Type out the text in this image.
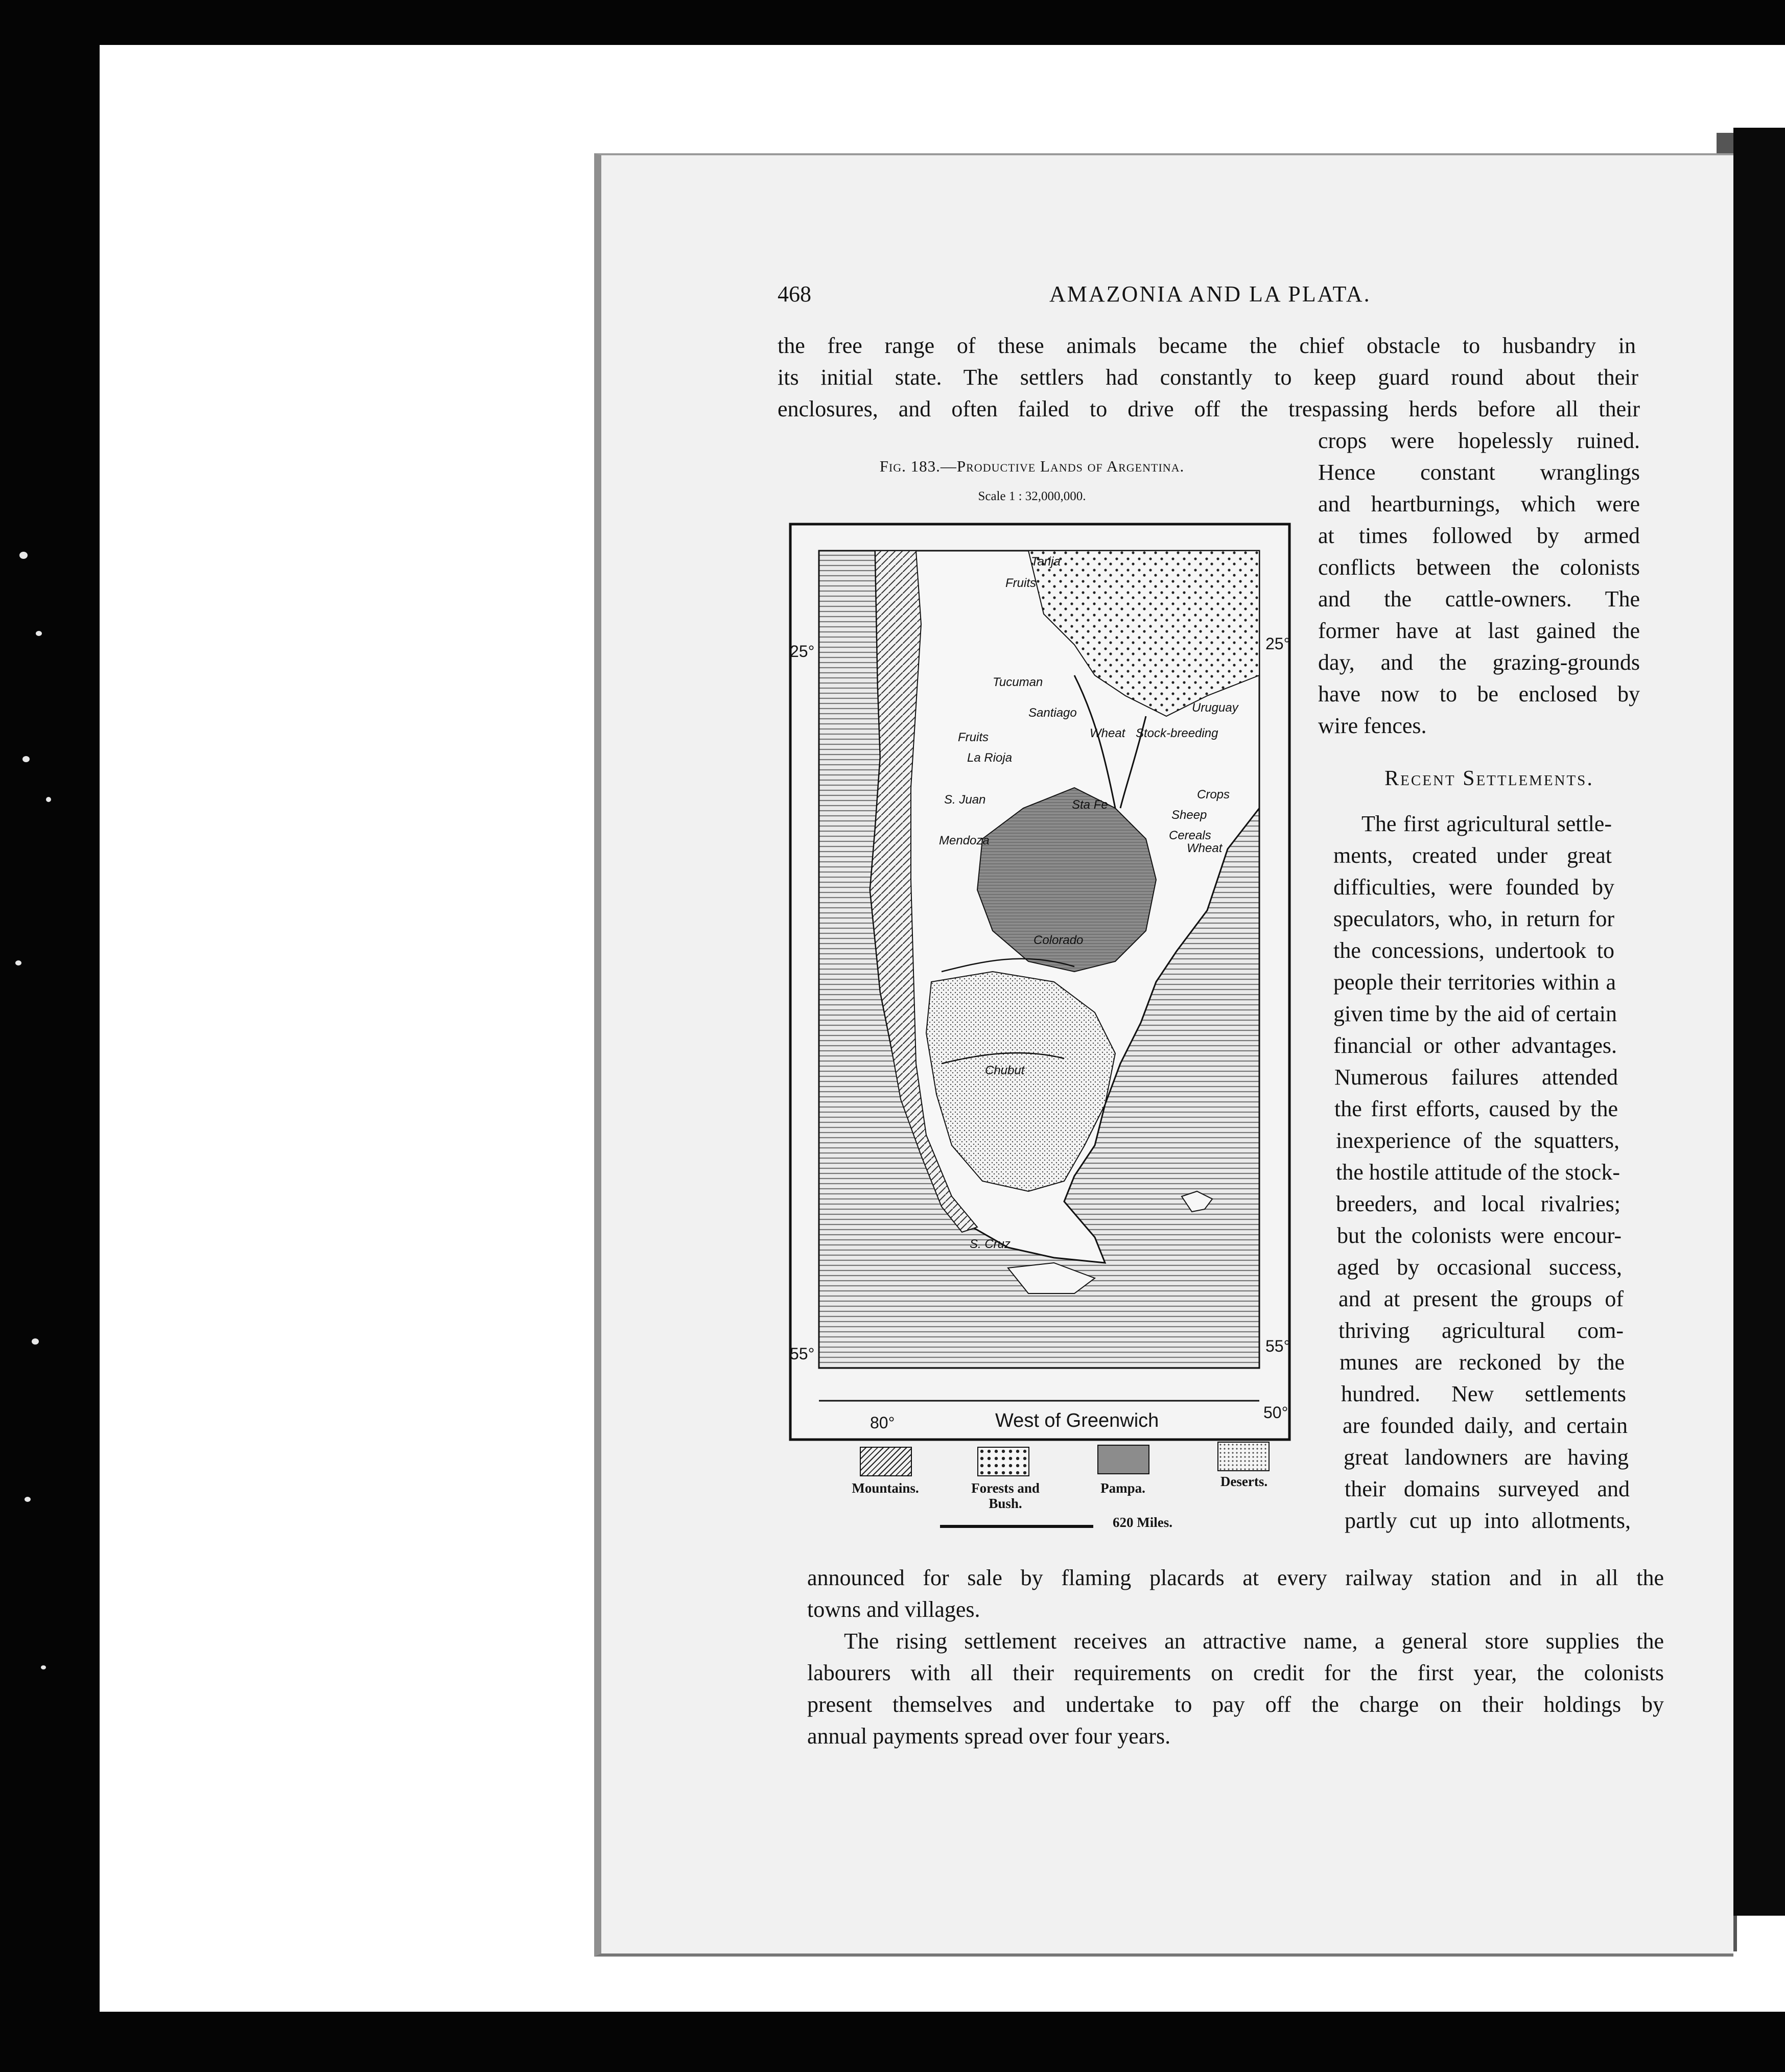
468	AMAZONIA AND LA PLATA.
the free range of these animals became the chief obstacle to husbandry in
its initial state. The settlers had constantly to keep guard round about their
enclosures, and often failed to drive off the trespassing herds before all their
crops were hopelessly ruined.
Hence constant wranglings
and heartburnings, which were
at times followed by armed
conflicts between the colonists
and the cattle-owners. The
former have at last gained the
day, and the grazing-grounds
have now to be enclosed by
wire fences.
Recent Settlements.
The first agricultural settle-
ments, created under great
difficulties, were founded by
speculators, who, in return for
the concessions, undertook to
people their territories within a
given time by the aid of certain
financial or other advantages.
Numerous failures attended
the first efforts, caused by the
inexperience of the squatters,
the hostile attitude of the stock-
breeders, and local rivalries;
but the colonists were encour-
aged by occasional success,
and at present the groups of
thriving agricultural com-
munes are reckoned by the
hundred. New settlements
are founded daily, and certain
great landowners are having
their domains surveyed and
partly cut up into allotments,
announced for sale by flaming placards at every railway station and in all the
towns and villages.
The rising settlement receives an attractive name, a general store supplies the
labourers with all their requirements on credit for the first year, the colonists
present themselves and undertake to pay off the charge on their holdings by
annual payments spread over four years.
Fig. 183.—Productive Lands of Argentina.
Scale 1 : 32,000,000.
25°	25°
55°	55°
80°
50°
West of Greenwich
Tarija
Fruits
Tucuman
Santiago
Fruits
La Rioja
S. Juan
Mendoza
Wheat
Uruguay
Stock-breeding
Crops
Sheep
Cereals
Wheat
Sta Fe
Colorado
Chubut
S. Cruz
Mountains.	Forests and Bush.
Pampa.	Deserts.
620 Miles.
